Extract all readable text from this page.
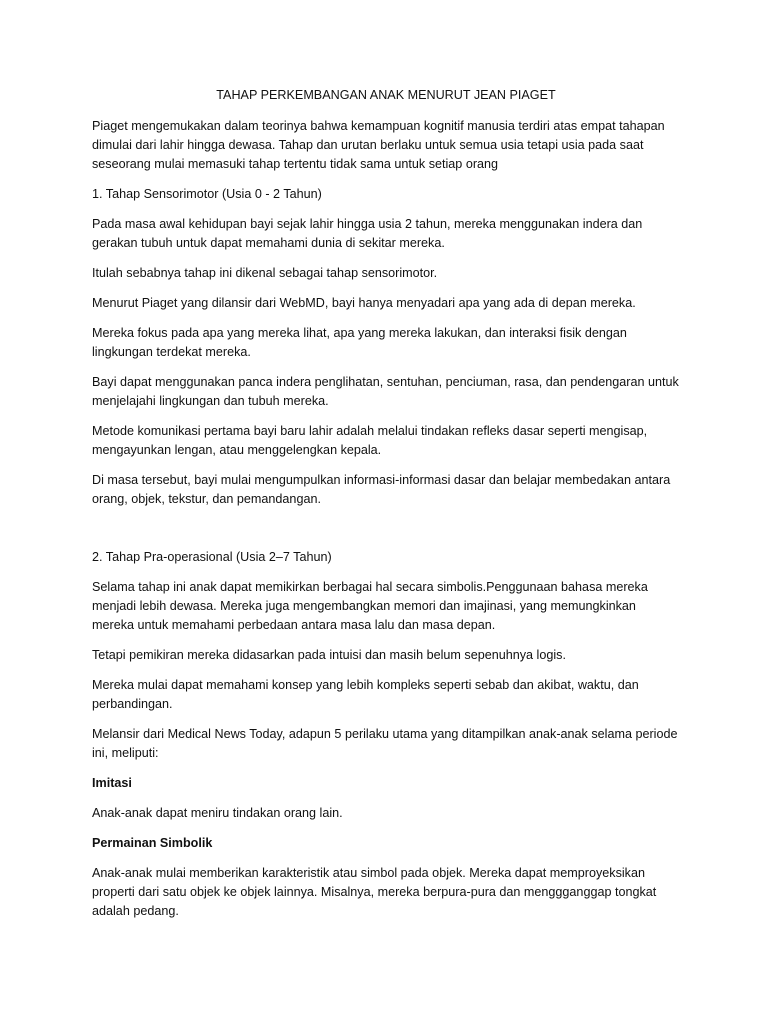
TAHAP PERKEMBANGAN ANAK MENURUT JEAN PIAGET

Piaget mengemukakan dalam teorinya bahwa kemampuan kognitif manusia terdiri atas empat tahapan dimulai dari lahir hingga dewasa. Tahap dan urutan berlaku untuk semua usia tetapi usia pada saat seseorang mulai memasuki tahap tertentu tidak sama untuk setiap orang

1. Tahap Sensorimotor (Usia 0 - 2 Tahun)

Pada masa awal kehidupan bayi sejak lahir hingga usia 2 tahun, mereka menggunakan indera dan gerakan tubuh untuk dapat memahami dunia di sekitar mereka.

Itulah sebabnya tahap ini dikenal sebagai tahap sensorimotor.

Menurut Piaget yang dilansir dari WebMD, bayi hanya menyadari apa yang ada di depan mereka.

Mereka fokus pada apa yang mereka lihat, apa yang mereka lakukan, dan interaksi fisik dengan lingkungan terdekat mereka.

Bayi dapat menggunakan panca indera penglihatan, sentuhan, penciuman, rasa, dan pendengaran untuk menjelajahi lingkungan dan tubuh mereka.

Metode komunikasi pertama bayi baru lahir adalah melalui tindakan refleks dasar seperti mengisap, mengayunkan lengan, atau menggelengkan kepala.

Di masa tersebut, bayi mulai mengumpulkan informasi-informasi dasar dan belajar membedakan antara orang, objek, tekstur, dan pemandangan.

2. Tahap Pra-operasional (Usia 2–7 Tahun)

Selama tahap ini anak dapat memikirkan berbagai hal secara simbolis.Penggunaan bahasa mereka menjadi lebih dewasa. Mereka juga mengembangkan memori dan imajinasi, yang memungkinkan mereka untuk memahami perbedaan antara masa lalu dan masa depan.

Tetapi pemikiran mereka didasarkan pada intuisi dan masih belum sepenuhnya logis.

Mereka mulai dapat memahami konsep yang lebih kompleks seperti sebab dan akibat, waktu, dan perbandingan.

Melansir dari Medical News Today, adapun 5 perilaku utama yang ditampilkan anak-anak selama periode ini, meliputi:

Imitasi

Anak-anak dapat meniru tindakan orang lain.

Permainan Simbolik

Anak-anak mulai memberikan karakteristik atau simbol pada objek. Mereka dapat memproyeksikan properti dari satu objek ke objek lainnya. Misalnya, mereka berpura-pura dan menggganggap tongkat adalah pedang.
